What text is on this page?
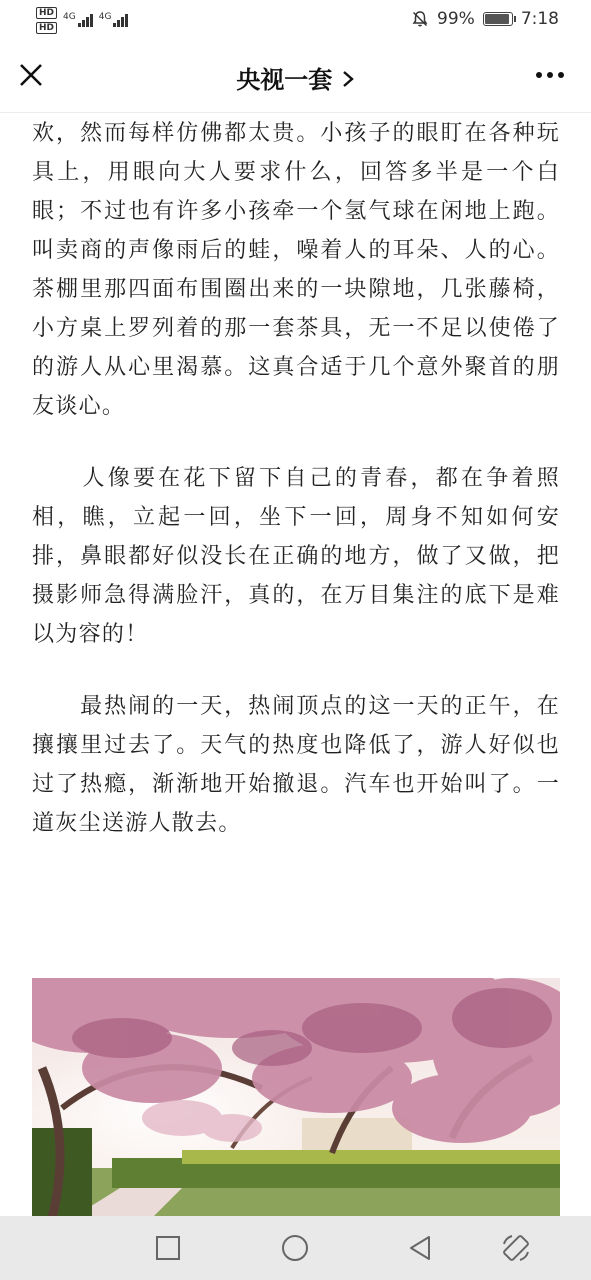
HD
HD
4G	4G	99%	7:18
央视一套

欢，然而每样仿佛都太贵。小孩子的眼盯在各种玩具上，用眼向大人要求什么，回答多半是一个白眼；不过也有许多小孩牵一个氢气球在闲地上跑。叫卖商的声像雨后的蛙，噪着人的耳朵、人的心。茶棚里那四面布围圈出来的一块隙地，几张藤椅，小方桌上罗列着的那一套茶具，无一不足以使倦了的游人从心里渴慕。这真合适于几个意外聚首的朋友谈心。

　　人像要在花下留下自己的青春，都在争着照相，瞧，立起一回，坐下一回，周身不知如何安排，鼻眼都好似没长在正确的地方，做了又做，把摄影师急得满脸汗，真的，在万目集注的底下是难以为容的！

　　最热闹的一天，热闹顶点的这一天的正午，在攘攘里过去了。天气的热度也降低了，游人好似也过了热瘾，渐渐地开始撤退。汽车也开始叫了。一道灰尘送游人散去。
